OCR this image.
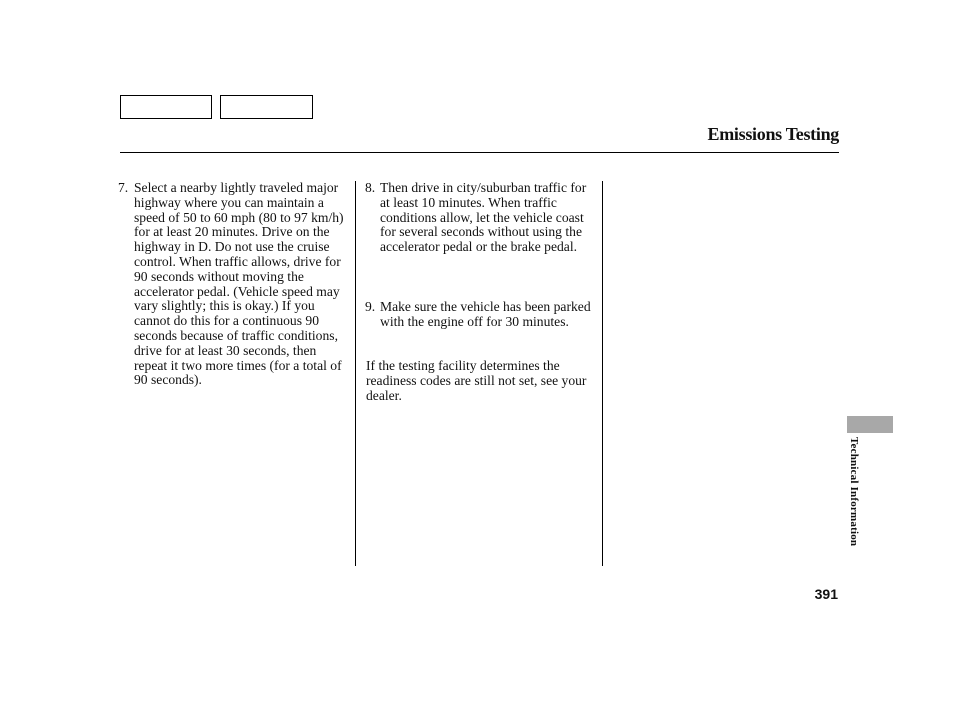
Emissions Testing
7. Select a nearby lightly traveled major highway where you can maintain a speed of 50 to 60 mph (80 to 97 km/h) for at least 20 minutes. Drive on the highway in D. Do not use the cruise control. When traffic allows, drive for 90 seconds without moving the accelerator pedal. (Vehicle speed may vary slightly; this is okay.) If you cannot do this for a continuous 90 seconds because of traffic conditions, drive for at least 30 seconds, then repeat it two more times (for a total of 90 seconds).
8. Then drive in city/suburban traffic for at least 10 minutes. When traffic conditions allow, let the vehicle coast for several seconds without using the accelerator pedal or the brake pedal.
9. Make sure the vehicle has been parked with the engine off for 30 minutes.
If the testing facility determines the readiness codes are still not set, see your dealer.
Technical Information
391
